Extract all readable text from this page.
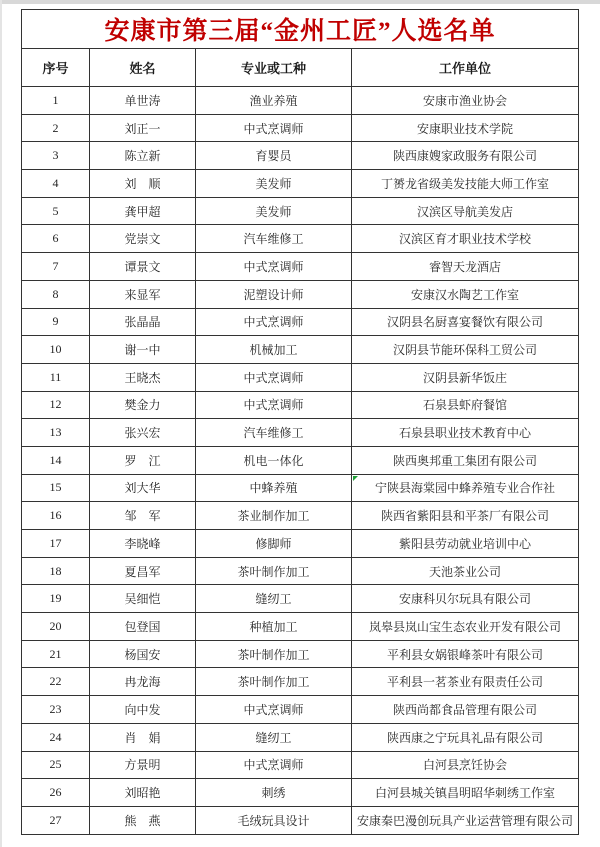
安康市第三届“金州工匠”人选名单			
序号	姓名	专业或工种	工作单位
1	单世涛	渔业养殖	安康市渔业协会
2	刘正一	中式烹调师	安康职业技术学院
3	陈立新	育婴员	陕西康嫂家政服务有限公司
4	刘　顺	美发师	丁赟龙省级美发技能大师工作室
5	龚甲超	美发师	汉滨区导航美发店
6	党崇文	汽车维修工	汉滨区育才职业技术学校
7	谭景文	中式烹调师	睿智天龙酒店
8	来显军	泥塑设计师	安康汉水陶艺工作室
9	张晶晶	中式烹调师	汉阴县名厨喜宴餐饮有限公司
10	谢一中	机械加工	汉阴县节能环保科工贸公司
11	王晓杰	中式烹调师	汉阴县新华饭庄
12	樊金力	中式烹调师	石泉县虾府餐馆
13	张兴宏	汽车维修工	石泉县职业技术教育中心
14	罗　江	机电一体化	陕西奥邦重工集团有限公司
15	刘大华	中蜂养殖	宁陕县海棠园中蜂养殖专业合作社

16	邹　军	茶业制作加工	陕西省紫阳县和平茶厂有限公司
17	李晓峰	修脚师	紫阳县劳动就业培训中心
18	夏昌军	茶叶制作加工	天池茶业公司
19	吴细恺	缝纫工	安康科贝尔玩具有限公司
20	包登国	种植加工	岚皋县岚山宝生态农业开发有限公司
21	杨国安	茶叶制作加工	平利县女娲银峰茶叶有限公司
22	冉龙海	茶叶制作加工	平利县一茗茶业有限责任公司
23	向中发	中式烹调师	陕西尚都食品管理有限公司
24	肖　娟	缝纫工	陕西康之宁玩具礼品有限公司
25	方景明	中式烹调师	白河县烹饪协会
26	刘昭艳	刺绣	白河县城关镇昌明昭华刺绣工作室
27	熊　燕	毛绒玩具设计	安康秦巴漫创玩具产业运营管理有限公司
